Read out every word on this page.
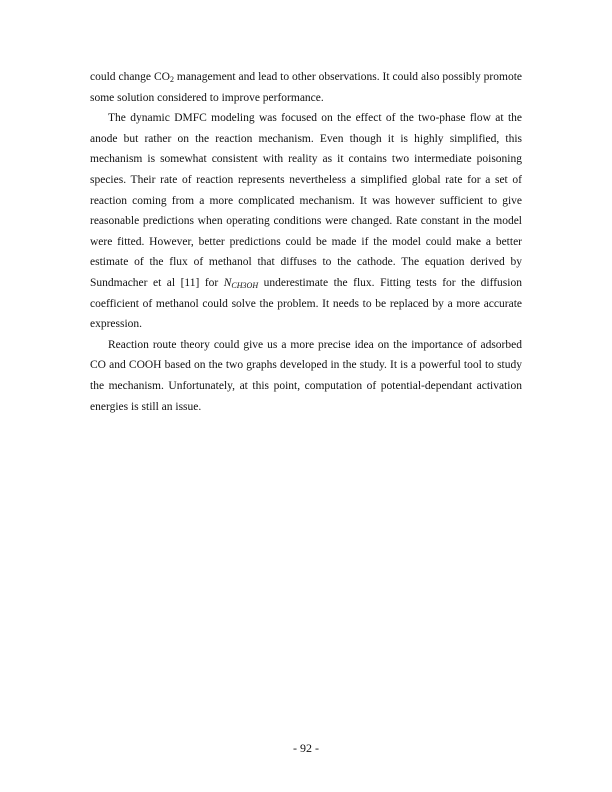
could change $CO_2$ management and lead to other observations. It could also possibly promote some solution considered to improve performance.

The dynamic DMFC modeling was focused on the effect of the two-phase flow at the anode but rather on the reaction mechanism. Even though it is highly simplified, this mechanism is somewhat consistent with reality as it contains two intermediate poisoning species. Their rate of reaction represents nevertheless a simplified global rate for a set of reaction coming from a more complicated mechanism. It was however sufficient to give reasonable predictions when operating conditions were changed. Rate constant in the model were fitted. However, better predictions could be made if the model could make a better estimate of the flux of methanol that diffuses to the cathode. The equation derived by Sundmacher et al [11] for $N_{CH3OH}$ underestimate the flux. Fitting tests for the diffusion coefficient of methanol could solve the problem. It needs to be replaced by a more accurate expression.

Reaction route theory could give us a more precise idea on the importance of adsorbed CO and COOH based on the two graphs developed in the study. It is a powerful tool to study the mechanism. Unfortunately, at this point, computation of potential-dependant activation energies is still an issue.

- 92 -
